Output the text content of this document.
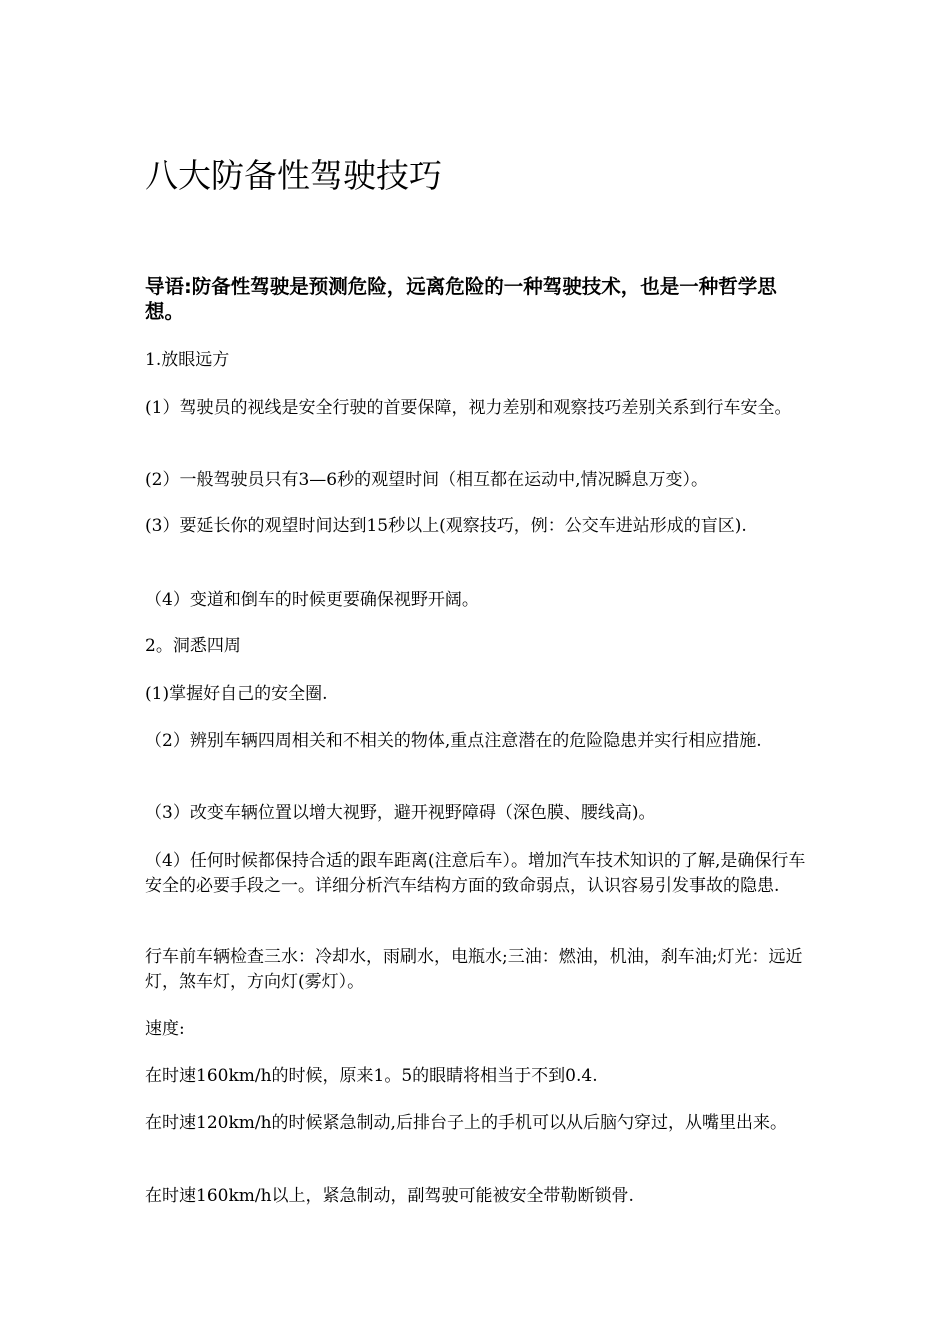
八大防备性驾驶技巧

导语:防备性驾驶是预测危险，远离危险的一种驾驶技术，也是一种哲学思想。

1.放眼远方

(1）驾驶员的视线是安全行驶的首要保障，视力差别和观察技巧差别关系到行车安全。

(2）一般驾驶员只有3—6秒的观望时间（相互都在运动中,情况瞬息万变）。

(3）要延长你的观望时间达到15秒以上(观察技巧，例：公交车进站形成的盲区).

（4）变道和倒车的时候更要确保视野开阔。

2。洞悉四周

(1)掌握好自己的安全圈.

（2）辨别车辆四周相关和不相关的物体,重点注意潜在的危险隐患并实行相应措施.

（3）改变车辆位置以增大视野，避开视野障碍（深色膜、腰线高)。

（4）任何时候都保持合适的跟车距离(注意后车）。增加汽车技术知识的了解,是确保行车安全的必要手段之一。详细分析汽车结构方面的致命弱点，认识容易引发事故的隐患.

行车前车辆检查三水：冷却水，雨刷水，电瓶水;三油：燃油，机油，刹车油;灯光：远近灯，煞车灯，方向灯(雾灯）。

速度:

在时速160km/h的时候，原来1。5的眼睛将相当于不到0.4.

在时速120km/h的时候紧急制动,后排台子上的手机可以从后脑勺穿过，从嘴里出来。

在时速160km/h以上，紧急制动，副驾驶可能被安全带勒断锁骨.
